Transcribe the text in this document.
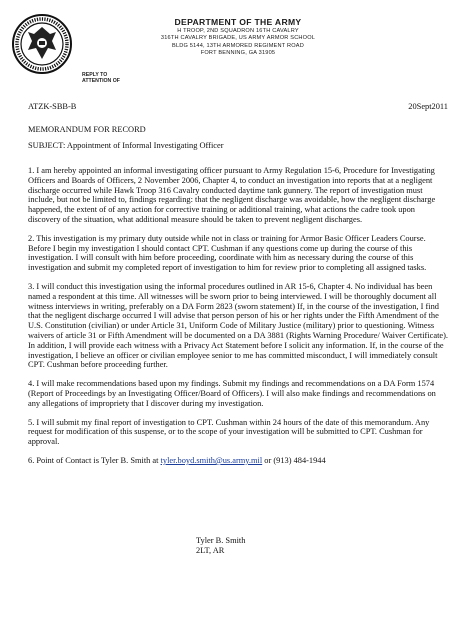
REPLY TO
ATTENTION OF
DEPARTMENT OF THE ARMY
H TROOP, 2ND SQUADRON 16TH CAVALRY
316TH CAVALRY BRIGADE, US ARMY ARMOR SCHOOL
BLDG 5144, 13TH ARMORED REGIMENT ROAD
FORT BENNING, GA 31905
ATZK-SBB-B	20Sept2011
MEMORANDUM FOR RECORD
SUBJECT: Appointment of Informal Investigating Officer

1. I am hereby appointed an informal investigating officer pursuant to Army Regulation 15-6, Procedure for Investigating Officers and Boards of Officers, 2 November 2006, Chapter 4, to conduct an investigation into reports that at a negligent discharge occurred while Hawk Troop 316 Cavalry conducted daytime tank gunnery. The report of investigation must include, but not be limited to, findings regarding: that the negligent discharge was avoidable, how the negligent discharge happened, the extent of of any action for corrective training or additional training, what actions the cadre took upon discovery of the situation, what additional measure should be taken to prevent negligent discharges.

2. This investigation is my primary duty outside while not in class or training for Armor Basic Officer Leaders Course. Before I begin my investigation I should contact CPT. Cushman if any questions come up during the course of this investigation. I will consult with him before proceeding, coordinate with him as necessary during the course of this investigation and submit my completed report of investigation to him for review prior to completing all assigned tasks.

3. I will conduct this investigation using the informal procedures outlined in AR 15-6, Chapter 4. No individual has been named a respondent at this time. All witnesses will be sworn prior to being interviewed. I will be thoroughly document all witness interviews in writing, preferably on a DA Form 2823 (sworn statement) If, in the course of the investigation, I find that the negligent discharge occurred I will advise that person person of his or her rights under the Fifth Amendment of the U.S. Constitution (civilian) or under Article 31, Uniform Code of Military Justice (military) prior to questioning. Witness waivers of article 31 or Fifth Amendment will be documented on a DA 3881 (Rights Warning Procedure/ Waiver Certificate). In addition, I will provide each witness with a Privacy Act Statement before I solicit any information. If, in the course of the investigation, I believe an officer or civilian employee senior to me has committed misconduct, I will immediately consult CPT. Cushman before proceeding further.

4. I will make recommendations based upon my findings. Submit my findings and recommendations on a DA Form 1574 (Report of Proceedings by an Investigating Officer/Board of Officers). I will also make findings and recommendations on any allegations of impropriety that I discover during my investigation.

5. I will submit my final report of investigation to CPT. Cushman within 24 hours of the date of this memorandum. Any request for modification of this suspense, or to the scope of your investigation will be submitted to CPT. Cushman for approval.

6. Point of Contact is Tyler B. Smith at tyler.boyd.smith@us.army.mil or (913) 484-1944

Tyler B. Smith
2LT, AR
